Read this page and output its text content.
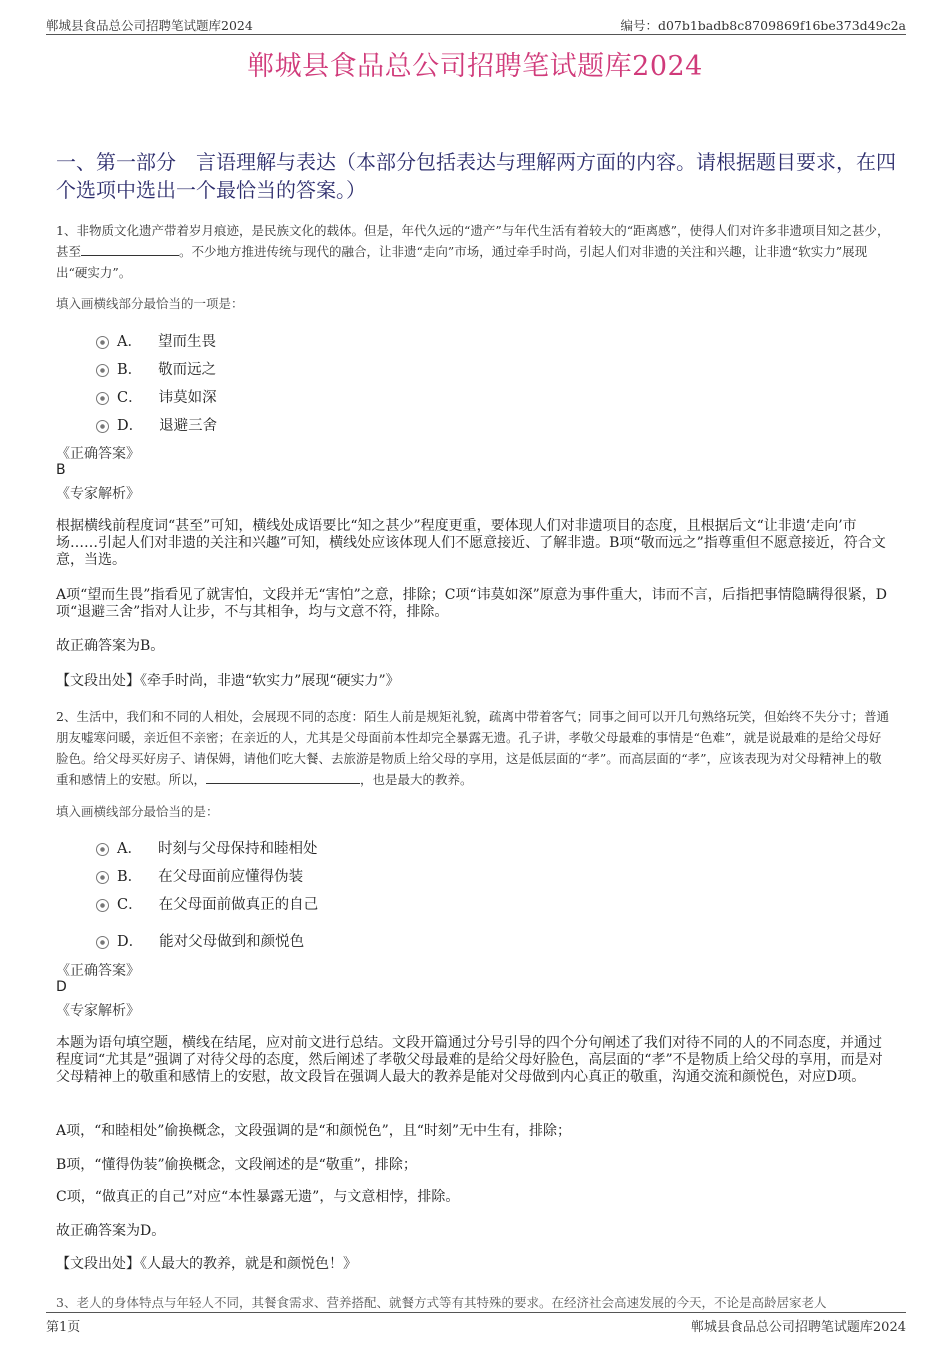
郸城县食品总公司招聘笔试题库2024	编号：d07b1badb8c8709869f16be373d49c2a
郸城县食品总公司招聘笔试题库2024
一、第一部分　言语理解与表达（本部分包括表达与理解两方面的内容。请根据题目要求，在四个选项中选出一个最恰当的答案。）
1、非物质文化遗产带着岁月痕迹，是民族文化的载体。但是，年代久远的“遗产”与年代生活有着较大的“距离感”，使得人们对许多非遗项目知之甚少，甚至	。不少地方推进传统与现代的融合，让非遗“走向”市场，通过牵手时尚，引起人们对非遗的关注和兴趣，让非遗“软实力”展现出“硬实力”。
填入画横线部分最恰当的一项是：
A． 望而生畏
B． 敬而远之
C． 讳莫如深
D． 退避三舍
《正确答案》
B
《专家解析》
根据横线前程度词“甚至”可知，横线处成语要比“知之甚少”程度更重，要体现人们对非遗项目的态度，且根据后文“让非遗‘走向’市场……引起人们对非遗的关注和兴趣”可知，横线处应该体现人们不愿意接近、了解非遗。B项“敬而远之”指尊重但不愿意接近，符合文意，当选。
A项“望而生畏”指看见了就害怕，文段并无“害怕”之意，排除；C项“讳莫如深”原意为事件重大，讳而不言，后指把事情隐瞒得很紧，D项“退避三舍”指对人让步，不与其相争，均与文意不符，排除。
故正确答案为B。
【文段出处】《牵手时尚，非遗“软实力”展现“硬实力”》
2、生活中，我们和不同的人相处，会展现不同的态度：陌生人前是规矩礼貌，疏离中带着客气；同事之间可以开几句熟络玩笑，但始终不失分寸；普通朋友嘘寒问暖，亲近但不亲密；在亲近的人，尤其是父母面前本性却完全暴露无遗。孔子讲，孝敬父母最难的事情是“色难”，就是说最难的是给父母好脸色。给父母买好房子、请保姆，请他们吃大餐、去旅游是物质上给父母的享用，这是低层面的“孝”。而高层面的“孝”，应该表现为对父母精神上的敬重和感情上的安慰。所以，	，也是最大的教养。
填入画横线部分最恰当的是：
A． 时刻与父母保持和睦相处
B． 在父母面前应懂得伪装
C． 在父母面前做真正的自己
D． 能对父母做到和颜悦色
《正确答案》
D
《专家解析》
本题为语句填空题，横线在结尾，应对前文进行总结。文段开篇通过分号引导的四个分句阐述了我们对待不同的人的不同态度，并通过程度词“尤其是”强调了对待父母的态度，然后阐述了孝敬父母最难的是给父母好脸色，高层面的“孝”不是物质上给父母的享用，而是对父母精神上的敬重和感情上的安慰，故文段旨在强调人最大的教养是能对父母做到内心真正的敬重，沟通交流和颜悦色，对应D项。
A项，“和睦相处”偷换概念，文段强调的是“和颜悦色”，且“时刻”无中生有，排除；
B项，“懂得伪装”偷换概念，文段阐述的是“敬重”，排除；
C项，“做真正的自己”对应“本性暴露无遗”，与文意相悖，排除。
故正确答案为D。
【文段出处】《人最大的教养，就是和颜悦色！》
3、老人的身体特点与年轻人不同，其餐食需求、营养搭配、就餐方式等有其特殊的要求。在经济社会高速发展的今天，不论是高龄居家老人
第1页	郸城县食品总公司招聘笔试题库2024
